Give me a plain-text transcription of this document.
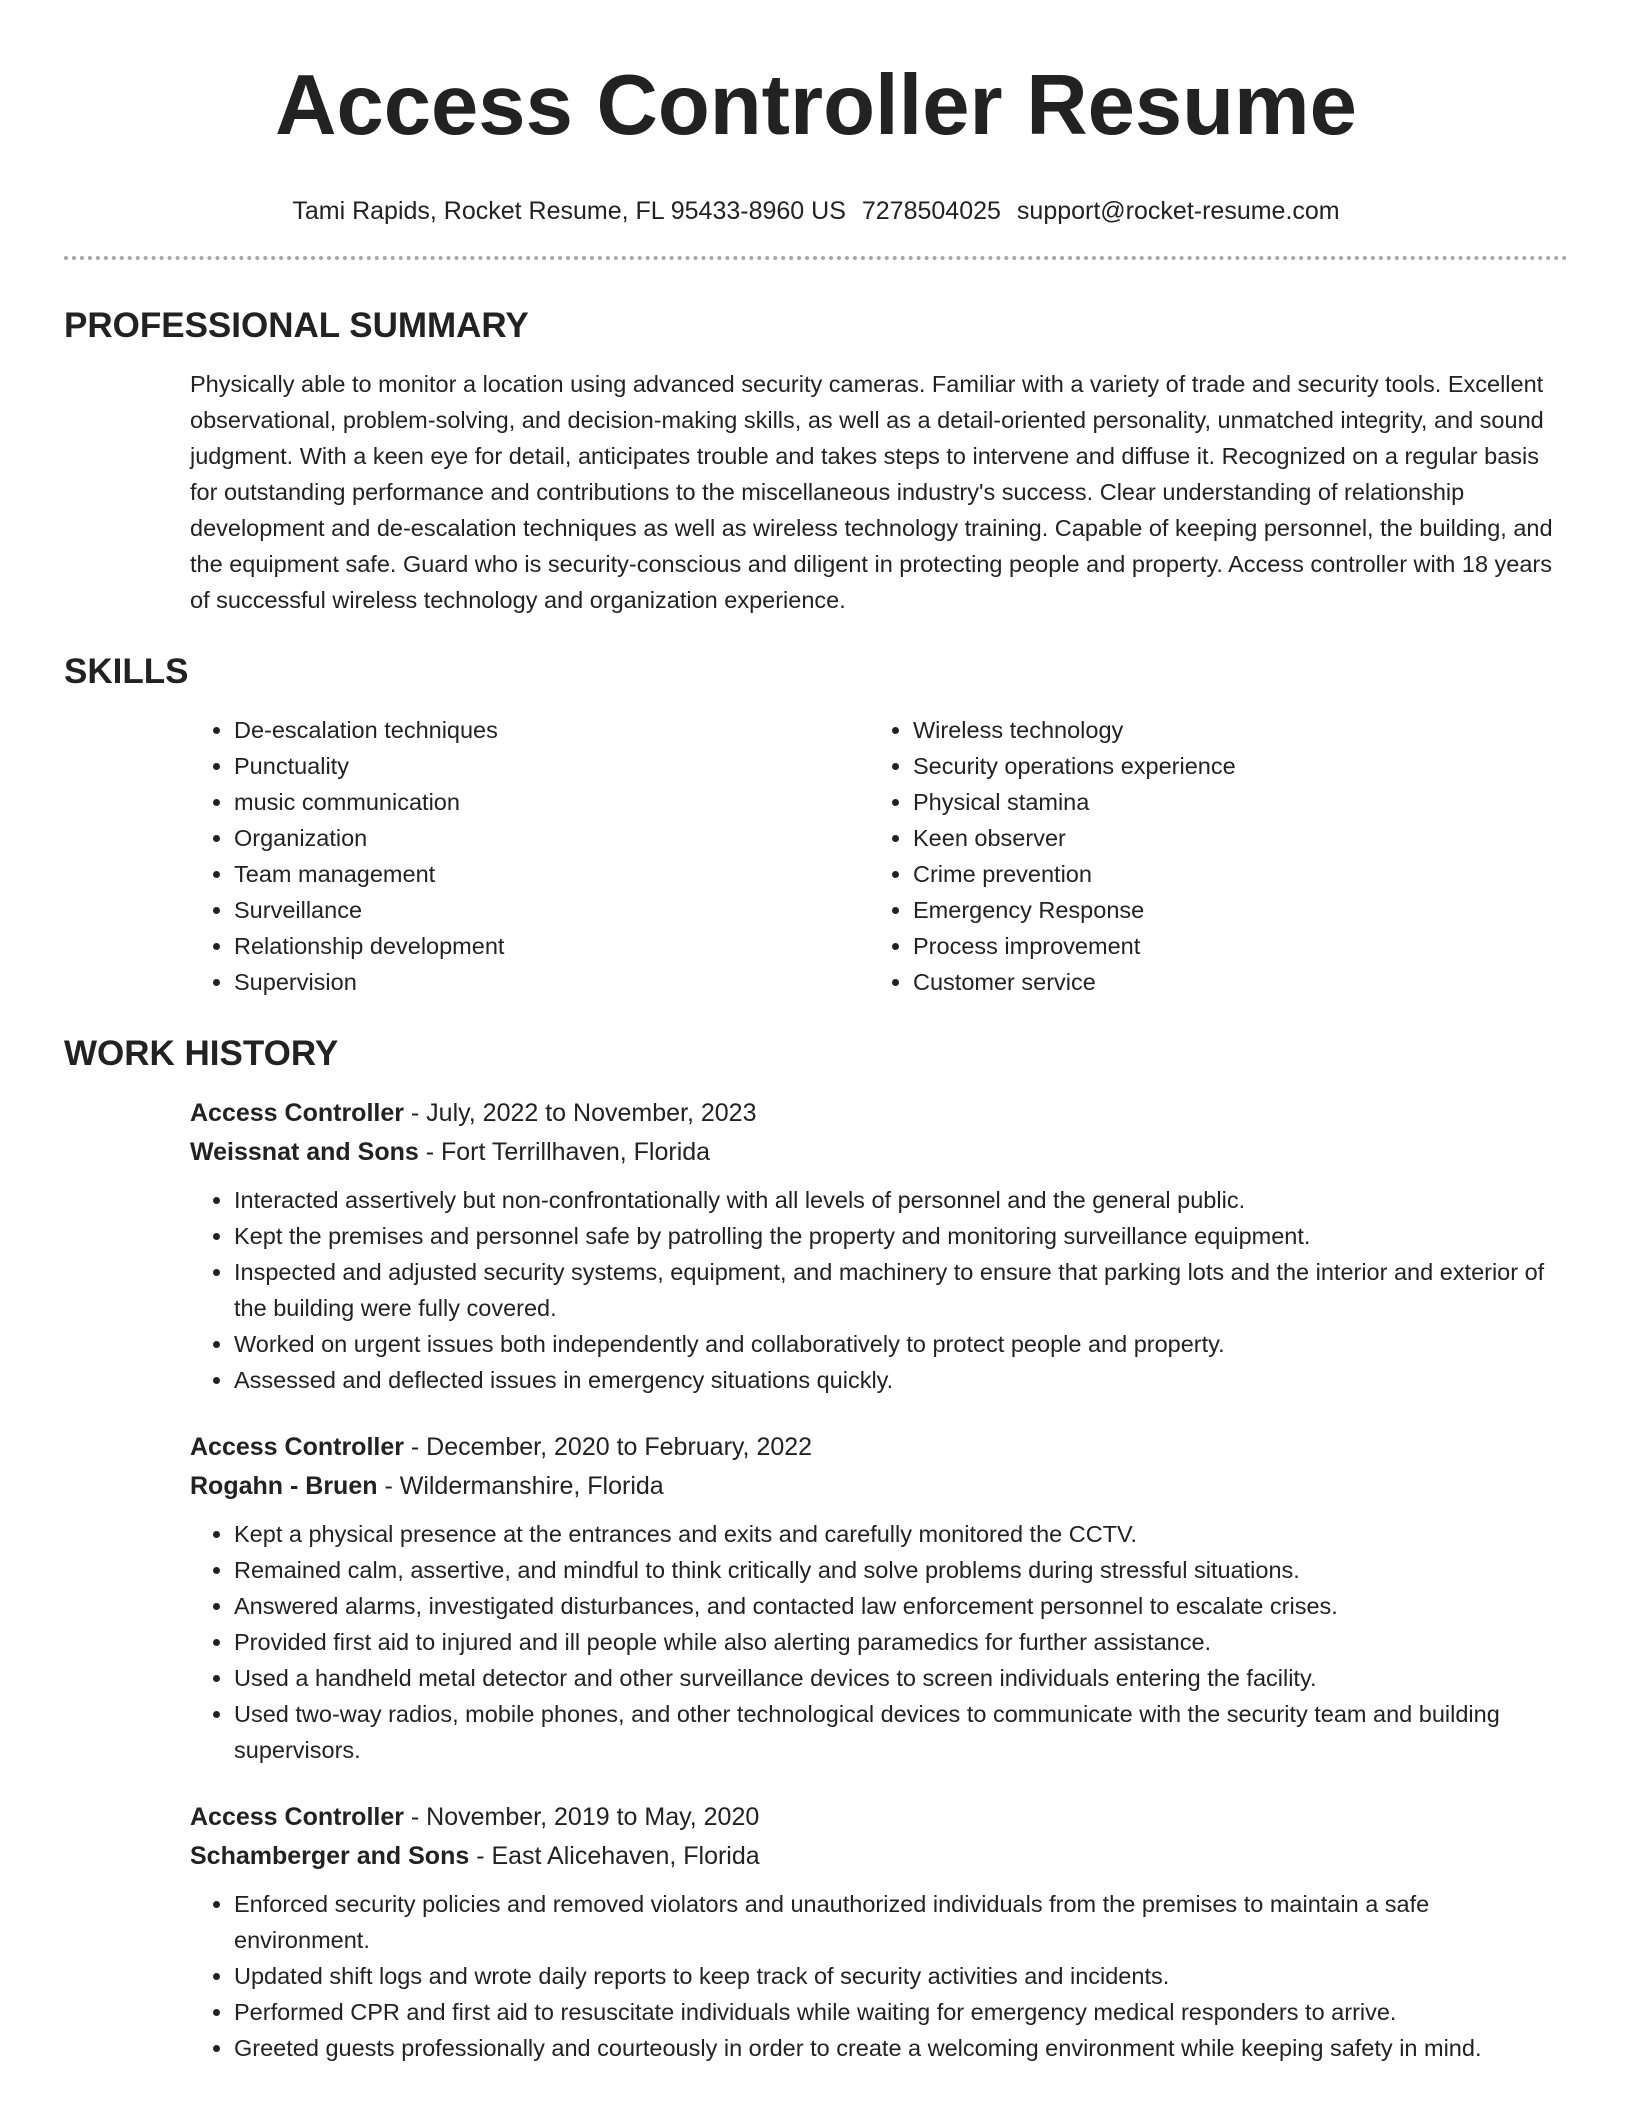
Access Controller Resume
Tami Rapids, Rocket Resume, FL 95433-8960 US 7278504025 support@rocket-resume.com
PROFESSIONAL SUMMARY

Physically able to monitor a location using advanced security cameras. Familiar with a variety of trade and security tools. Excellent observational, problem-solving, and decision-making skills, as well as a detail-oriented personality, unmatched integrity, and sound judgment. With a keen eye for detail, anticipates trouble and takes steps to intervene and diffuse it. Recognized on a regular basis for outstanding performance and contributions to the miscellaneous industry's success. Clear understanding of relationship development and de-escalation techniques as well as wireless technology training. Capable of keeping personnel, the building, and the equipment safe. Guard who is security-conscious and diligent in protecting people and property. Access controller with 18 years of successful wireless technology and organization experience.

SKILLS
• De-escalation techniques
• Punctuality
• music communication
• Organization
• Team management
• Surveillance
• Relationship development
• Supervision
• Wireless technology
• Security operations experience
• Physical stamina
• Keen observer
• Crime prevention
• Emergency Response
• Process improvement
• Customer service
WORK HISTORY
Access Controller - July, 2022 to November, 2023
Weissnat and Sons - Fort Terrillhaven, Florida
• Interacted assertively but non-confrontationally with all levels of personnel and the general public.
• Kept the premises and personnel safe by patrolling the property and monitoring surveillance equipment.
• Inspected and adjusted security systems, equipment, and machinery to ensure that parking lots and the interior and exterior of the building were fully covered.
• Worked on urgent issues both independently and collaboratively to protect people and property.
• Assessed and deflected issues in emergency situations quickly.
Access Controller - December, 2020 to February, 2022
Rogahn - Bruen - Wildermanshire, Florida
• Kept a physical presence at the entrances and exits and carefully monitored the CCTV.
• Remained calm, assertive, and mindful to think critically and solve problems during stressful situations.
• Answered alarms, investigated disturbances, and contacted law enforcement personnel to escalate crises.
• Provided first aid to injured and ill people while also alerting paramedics for further assistance.
• Used a handheld metal detector and other surveillance devices to screen individuals entering the facility.
• Used two-way radios, mobile phones, and other technological devices to communicate with the security team and building supervisors.
Access Controller - November, 2019 to May, 2020
Schamberger and Sons - East Alicehaven, Florida
• Enforced security policies and removed violators and unauthorized individuals from the premises to maintain a safe environment.
• Updated shift logs and wrote daily reports to keep track of security activities and incidents.
• Performed CPR and first aid to resuscitate individuals while waiting for emergency medical responders to arrive.
• Greeted guests professionally and courteously in order to create a welcoming environment while keeping safety in mind.
